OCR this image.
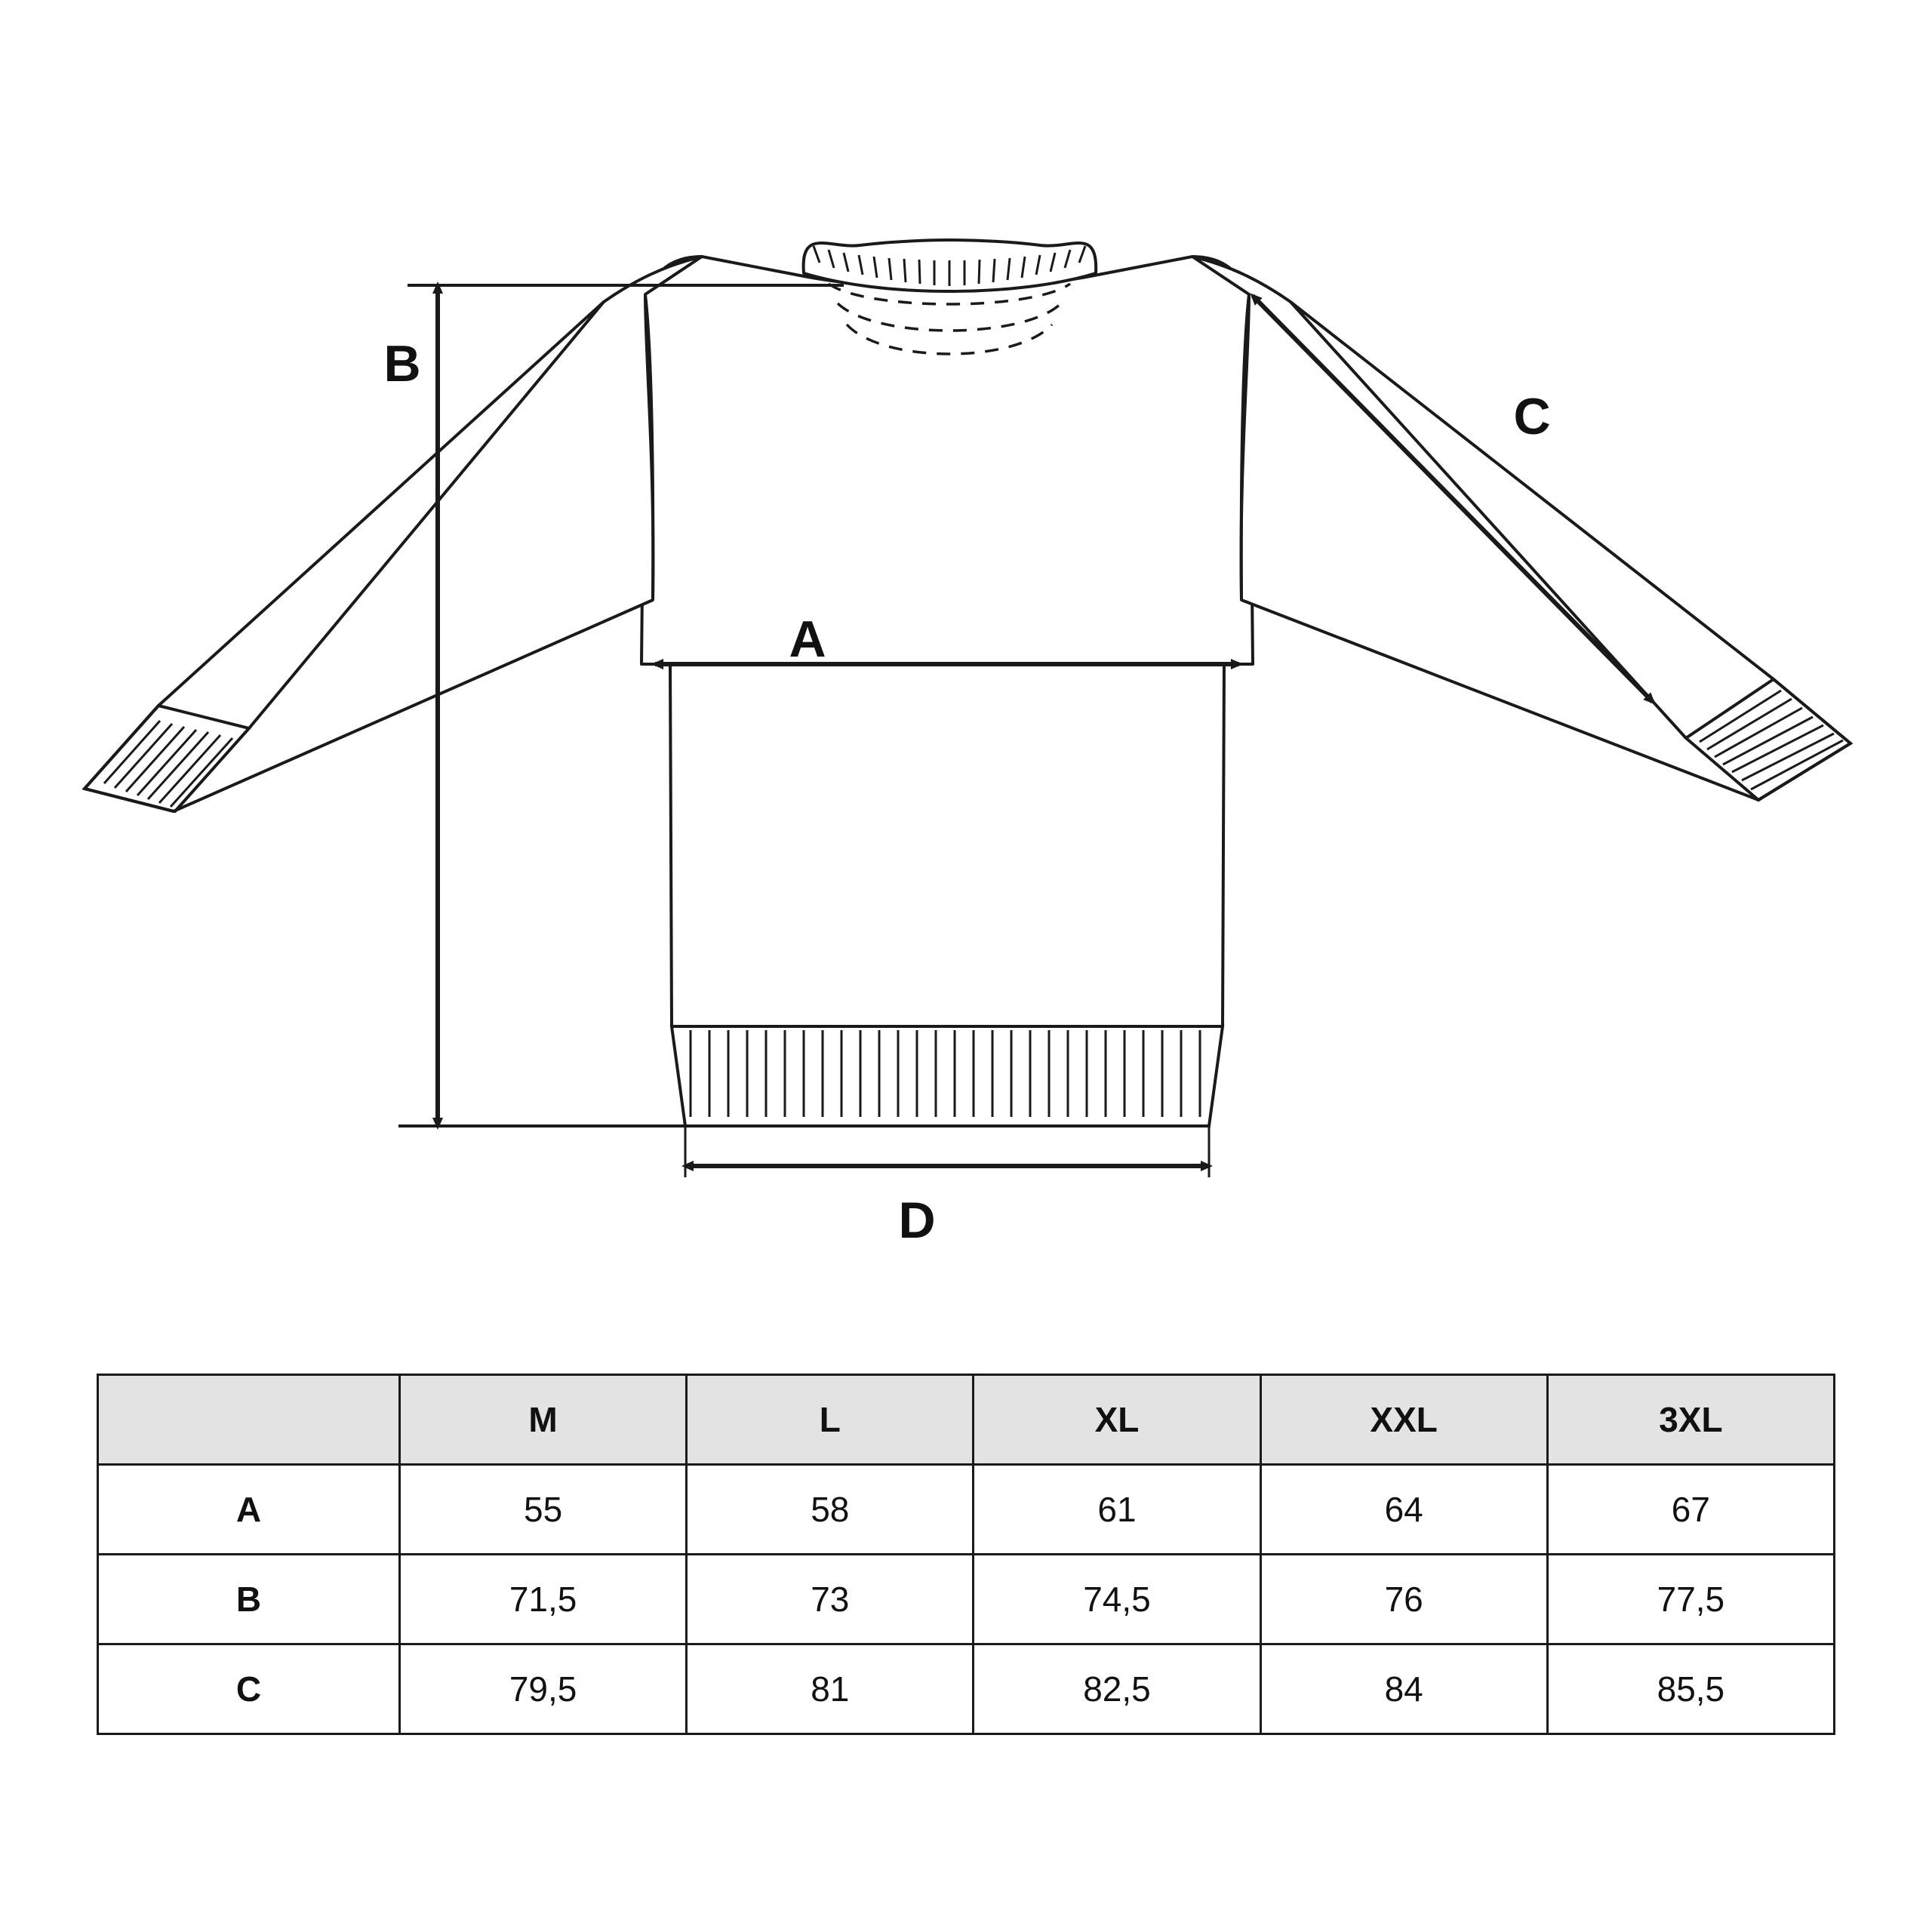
A
B
C
D
	M	L	XL	XXL	3XL
A	55	58	61	64	67
B	71,5	73	74,5	76	77,5
C	79,5	81	82,5	84	85,5
